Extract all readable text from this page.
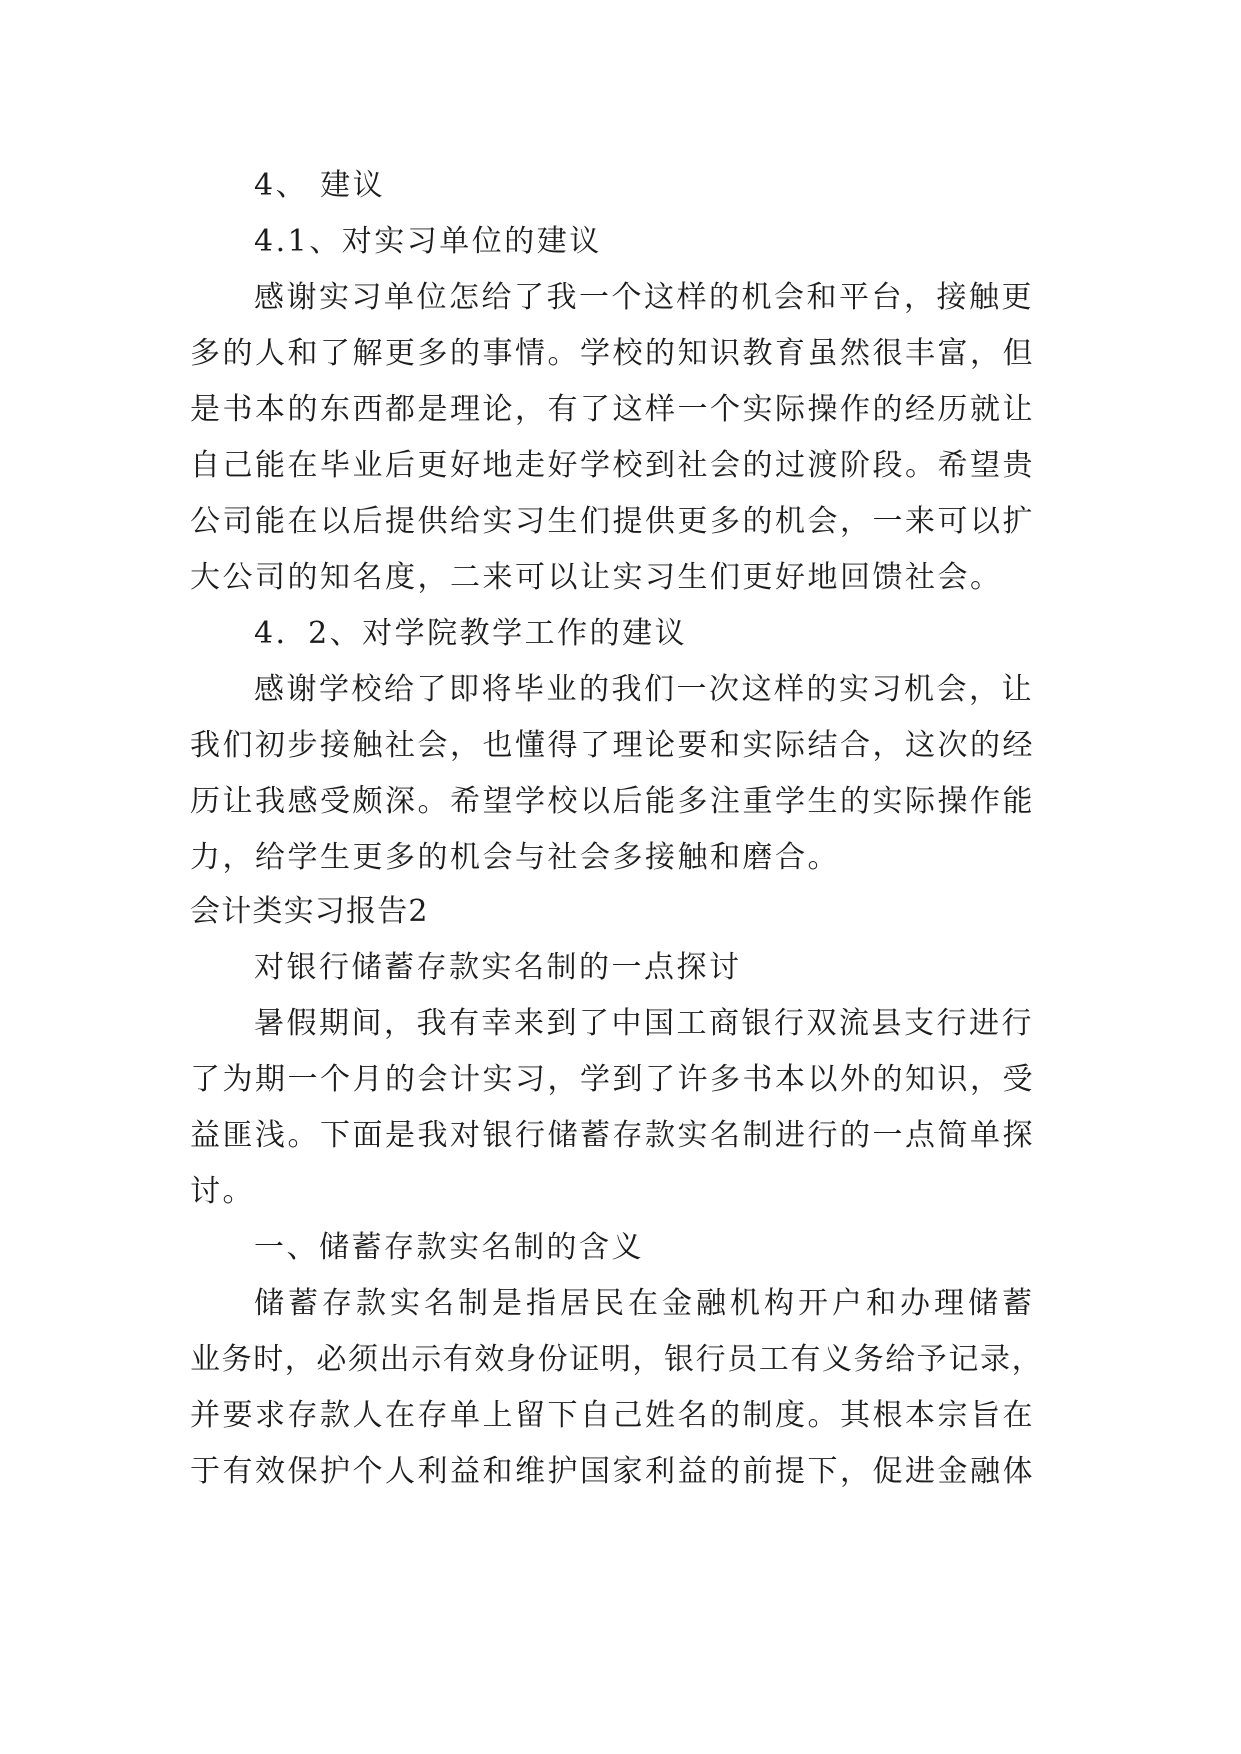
4、 建议

4.1、对实习单位的建议

感谢实习单位怎给了我一个这样的机会和平台，接触更

多的人和了解更多的事情。学校的知识教育虽然很丰富，但

是书本的东西都是理论，有了这样一个实际操作的经历就让

自己能在毕业后更好地走好学校到社会的过渡阶段。希望贵

公司能在以后提供给实习生们提供更多的机会，一来可以扩

大公司的知名度，二来可以让实习生们更好地回馈社会。

4．2、对学院教学工作的建议

感谢学校给了即将毕业的我们一次这样的实习机会，让

我们初步接触社会，也懂得了理论要和实际结合，这次的经

历让我感受颇深。希望学校以后能多注重学生的实际操作能

力，给学生更多的机会与社会多接触和磨合。

会计类实习报告2

对银行储蓄存款实名制的一点探讨

暑假期间，我有幸来到了中国工商银行双流县支行进行

了为期一个月的会计实习，学到了许多书本以外的知识，受

益匪浅。下面是我对银行储蓄存款实名制进行的一点简单探

讨。

一、储蓄存款实名制的含义

储蓄存款实名制是指居民在金融机构开户和办理储蓄

业务时，必须出示有效身份证明，银行员工有义务给予记录，

并要求存款人在存单上留下自己姓名的制度。其根本宗旨在

于有效保护个人利益和维护国家利益的前提下，促进金融体
